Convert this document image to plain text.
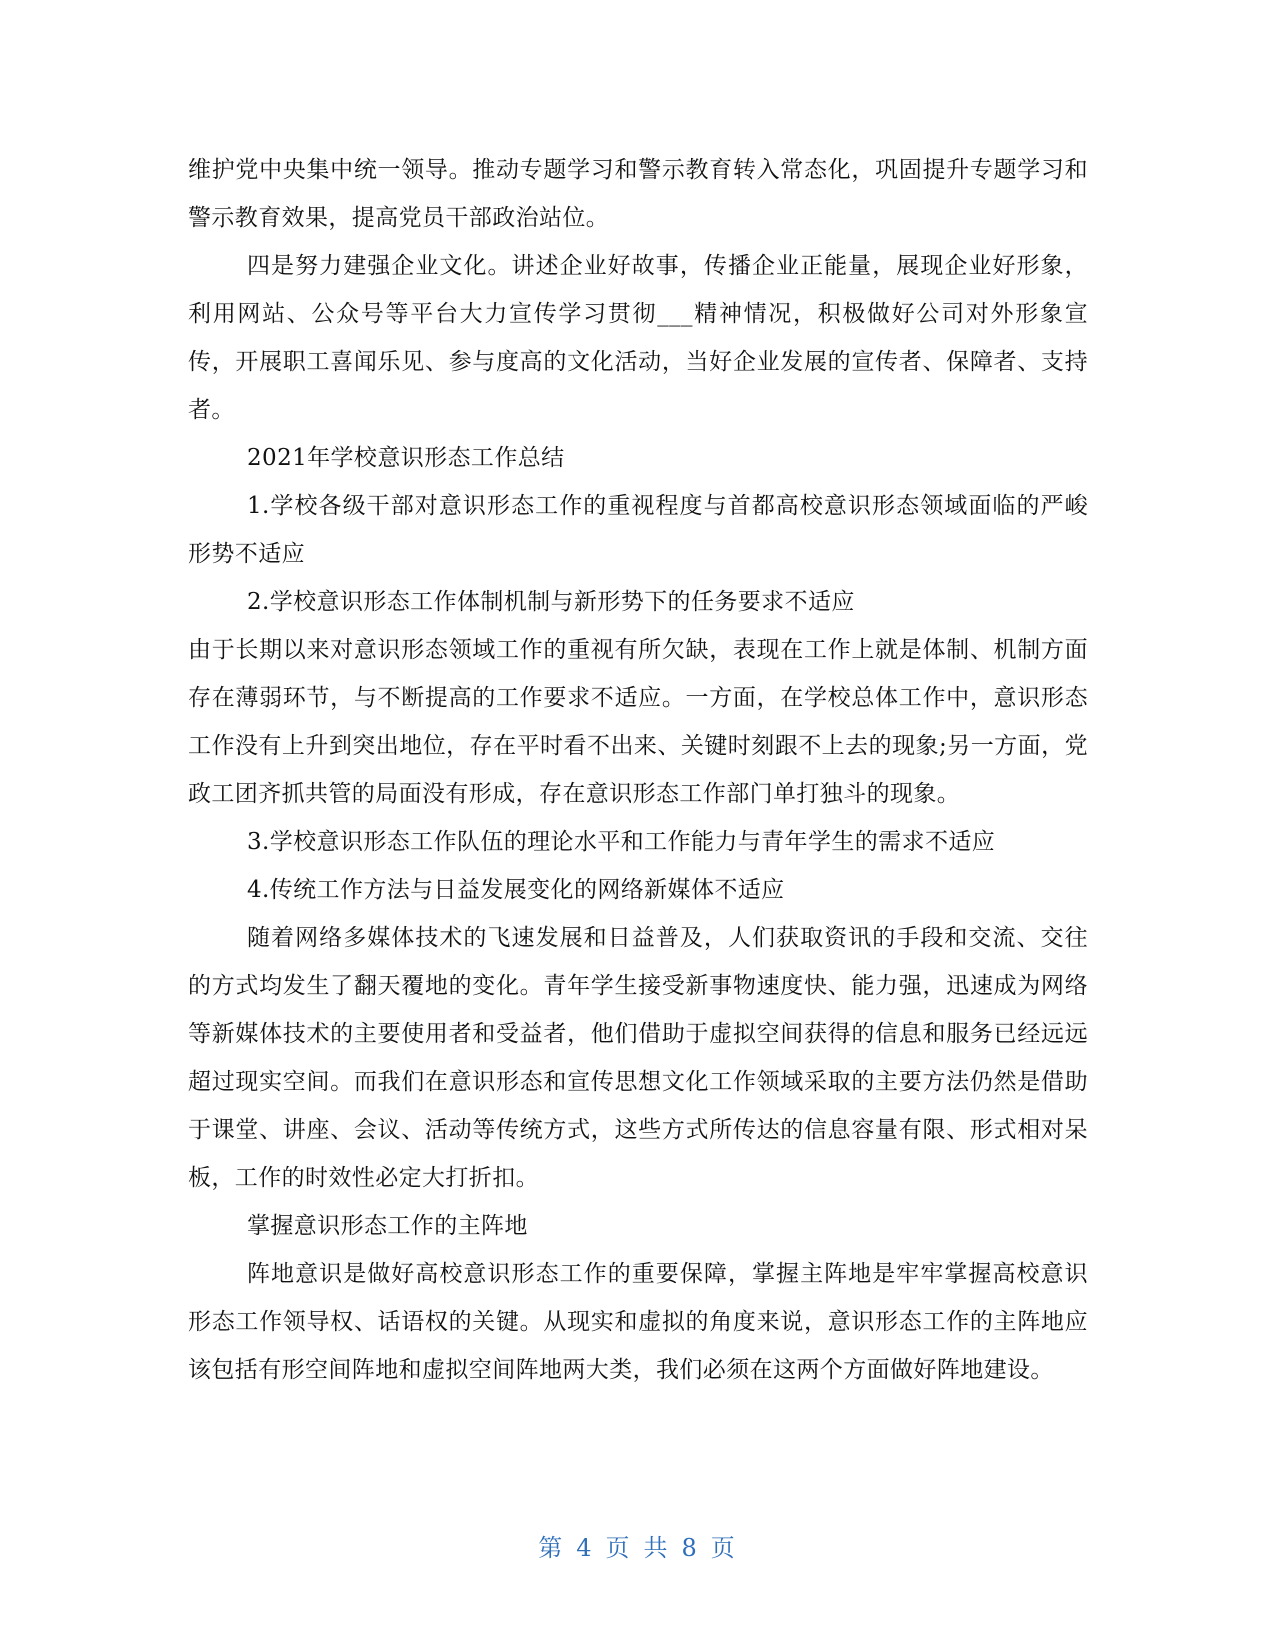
维护党中央集中统一领导。推动专题学习和警示教育转入常态化，巩固提升专题学习和警示教育效果，提高党员干部政治站位。

四是努力建强企业文化。讲述企业好故事，传播企业正能量，展现企业好形象，利用网站、公众号等平台大力宣传学习贯彻___精神情况，积极做好公司对外形象宣传，开展职工喜闻乐见、参与度高的文化活动，当好企业发展的宣传者、保障者、支持者。

2021年学校意识形态工作总结

1.学校各级干部对意识形态工作的重视程度与首都高校意识形态领域面临的严峻形势不适应

2.学校意识形态工作体制机制与新形势下的任务要求不适应

由于长期以来对意识形态领域工作的重视有所欠缺，表现在工作上就是体制、机制方面存在薄弱环节，与不断提高的工作要求不适应。一方面，在学校总体工作中，意识形态工作没有上升到突出地位，存在平时看不出来、关键时刻跟不上去的现象;另一方面，党政工团齐抓共管的局面没有形成，存在意识形态工作部门单打独斗的现象。

3.学校意识形态工作队伍的理论水平和工作能力与青年学生的需求不适应

4.传统工作方法与日益发展变化的网络新媒体不适应

随着网络多媒体技术的飞速发展和日益普及，人们获取资讯的手段和交流、交往的方式均发生了翻天覆地的变化。青年学生接受新事物速度快、能力强，迅速成为网络等新媒体技术的主要使用者和受益者，他们借助于虚拟空间获得的信息和服务已经远远超过现实空间。而我们在意识形态和宣传思想文化工作领域采取的主要方法仍然是借助于课堂、讲座、会议、活动等传统方式，这些方式所传达的信息容量有限、形式相对呆板，工作的时效性必定大打折扣。

掌握意识形态工作的主阵地

阵地意识是做好高校意识形态工作的重要保障，掌握主阵地是牢牢掌握高校意识形态工作领导权、话语权的关键。从现实和虚拟的角度来说，意识形态工作的主阵地应该包括有形空间阵地和虚拟空间阵地两大类，我们必须在这两个方面做好阵地建设。

第 4 页 共 8 页
